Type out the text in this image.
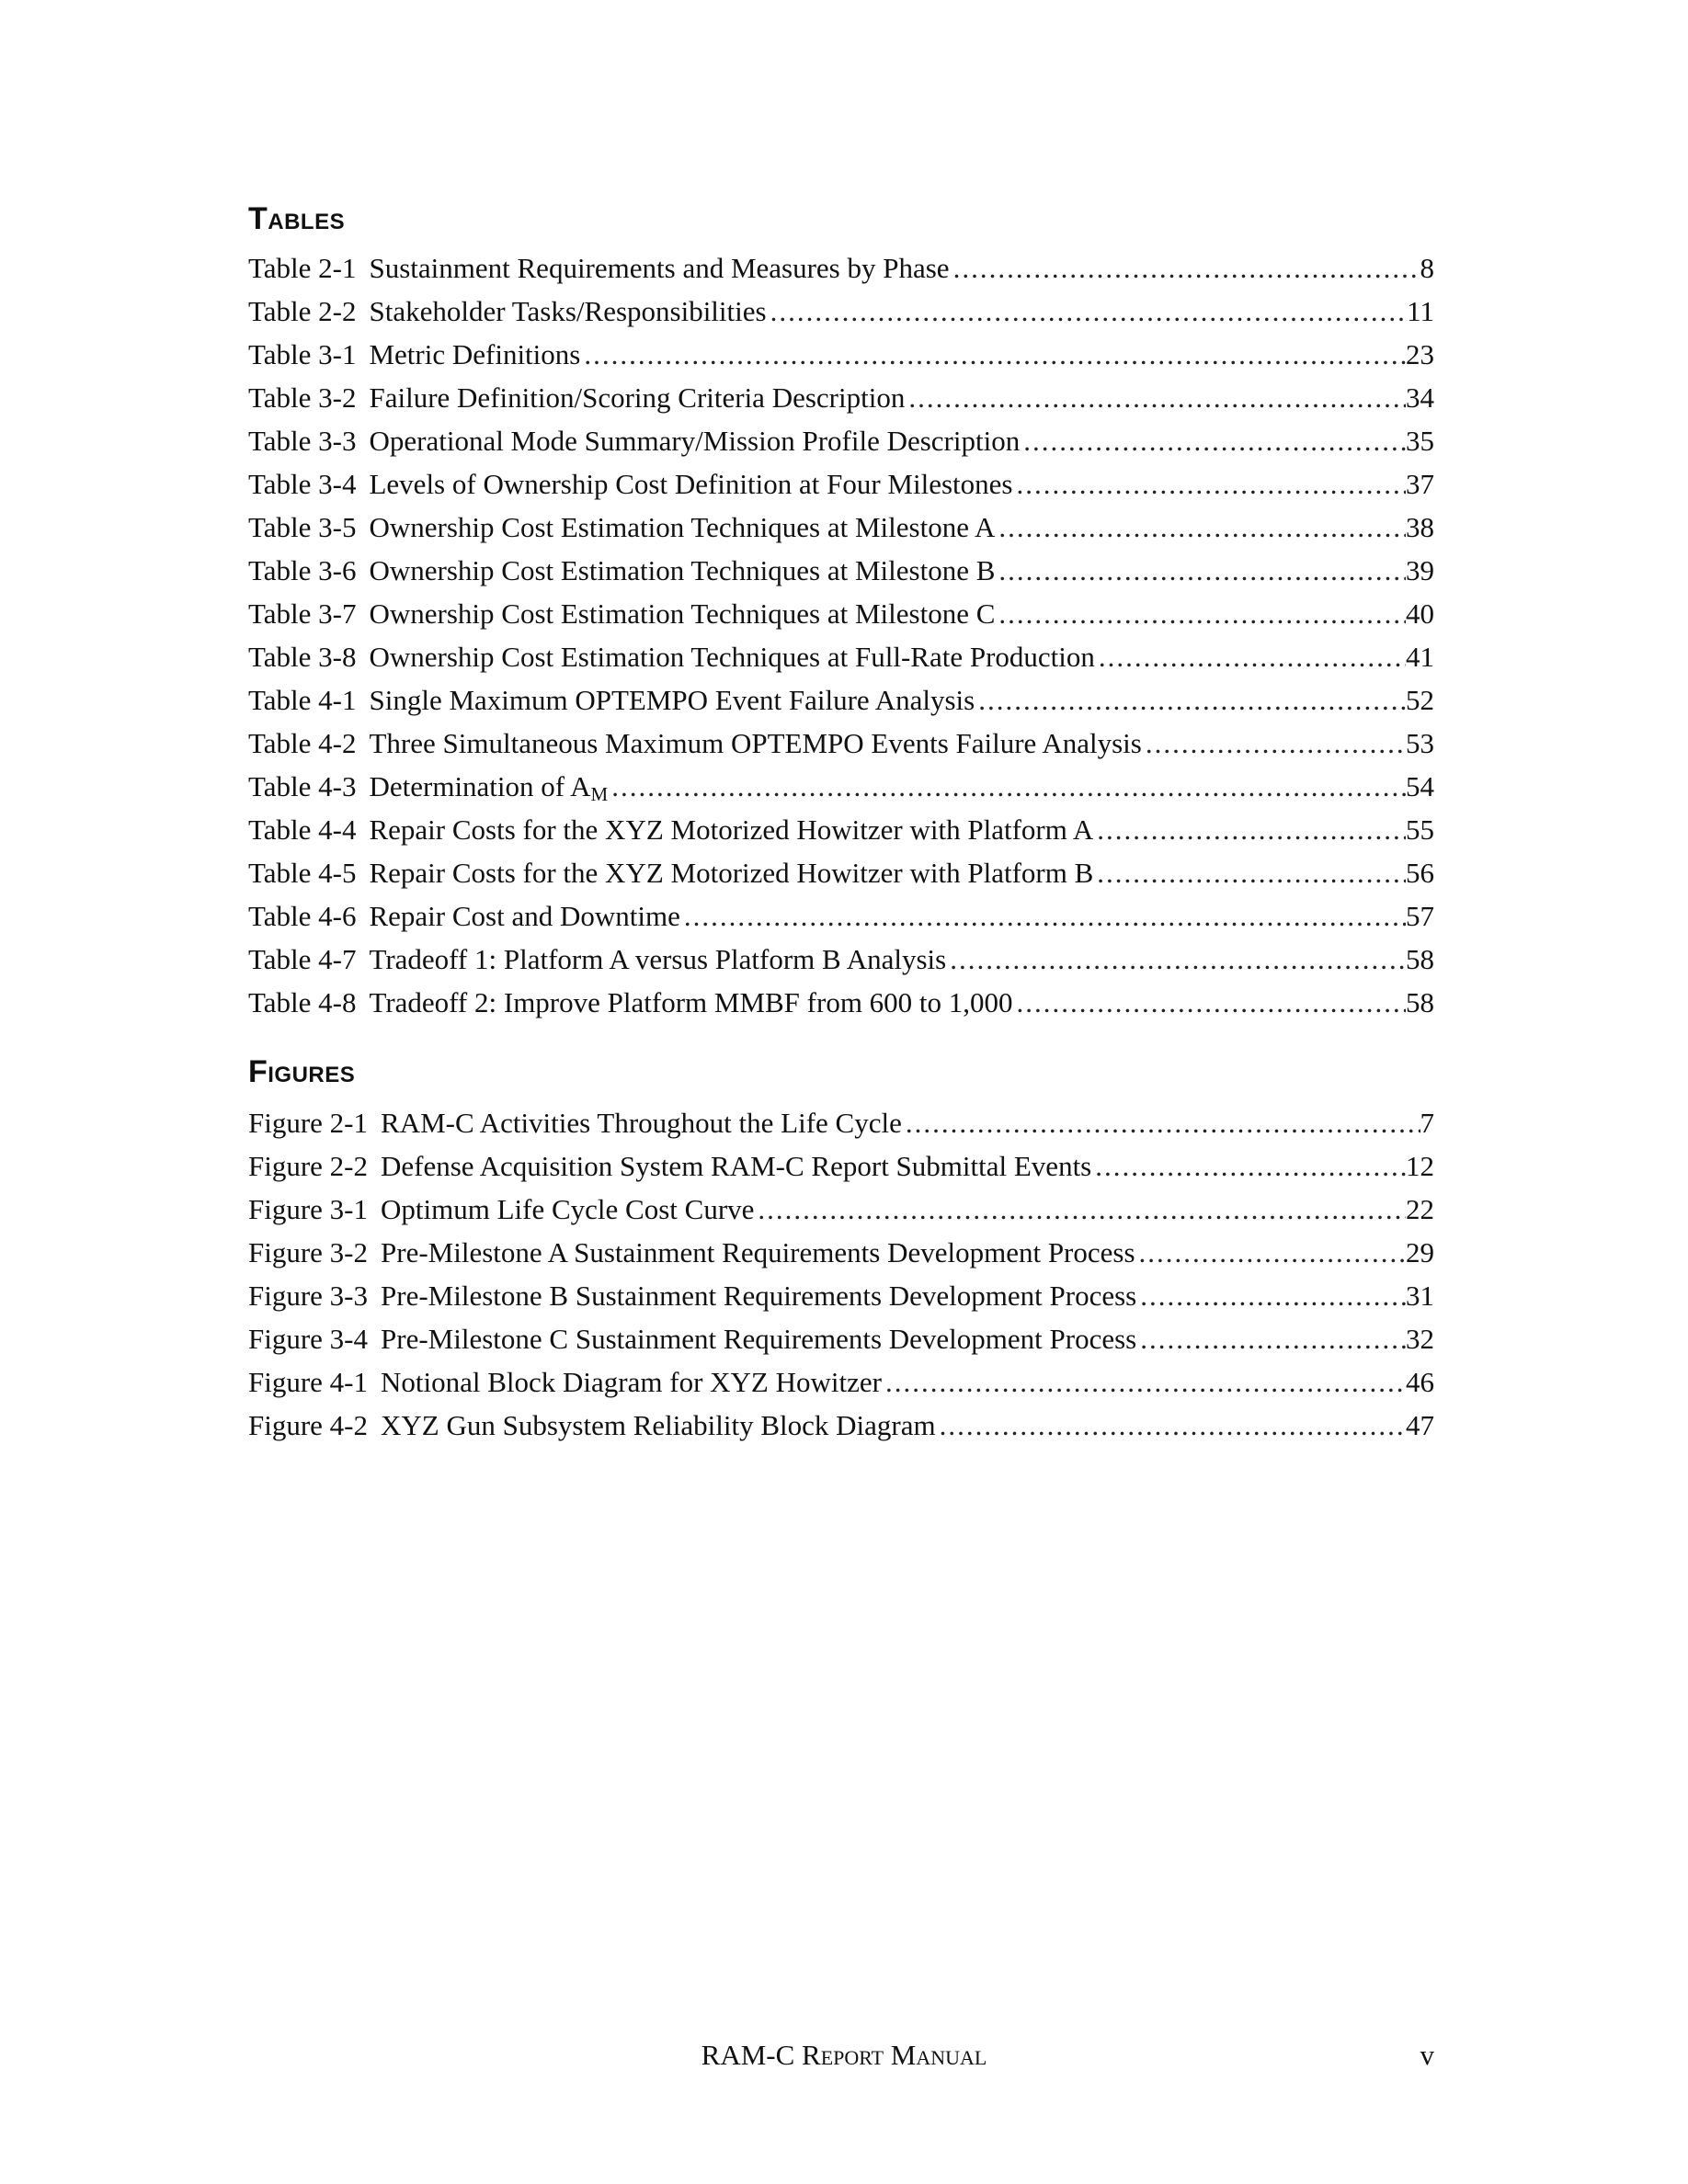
Tables
Table 2-1 Sustainment Requirements and Measures by Phase .....	8
Table 2-2 Stakeholder Tasks/Responsibilities .....	11
Table 3-1 Metric Definitions .....	23
Table 3-2 Failure Definition/Scoring Criteria Description .....	34
Table 3-3 Operational Mode Summary/Mission Profile Description .....	35
Table 3-4 Levels of Ownership Cost Definition at Four Milestones .....	37
Table 3-5 Ownership Cost Estimation Techniques at Milestone A .....	38
Table 3-6 Ownership Cost Estimation Techniques at Milestone B .....	39
Table 3-7 Ownership Cost Estimation Techniques at Milestone C .....	40
Table 3-8 Ownership Cost Estimation Techniques at Full-Rate Production .....	41
Table 4-1 Single Maximum OPTEMPO Event Failure Analysis .....	52
Table 4-2 Three Simultaneous Maximum OPTEMPO Events Failure Analysis .....	53
Table 4-3 Determination of $A_M$ .....	54
Table 4-4 Repair Costs for the XYZ Motorized Howitzer with Platform A .....	55
Table 4-5 Repair Costs for the XYZ Motorized Howitzer with Platform B .....	56
Table 4-6 Repair Cost and Downtime .....	57
Table 4-7 Tradeoff 1: Platform A versus Platform B Analysis .....	58
Table 4-8 Tradeoff 2: Improve Platform MMBF from 600 to 1,000 .....	58
Figures
Figure 2-1 RAM-C Activities Throughout the Life Cycle .....	7
Figure 2-2 Defense Acquisition System RAM-C Report Submittal Events .....	12
Figure 3-1 Optimum Life Cycle Cost Curve .....	22
Figure 3-2 Pre-Milestone A Sustainment Requirements Development Process .....	29
Figure 3-3 Pre-Milestone B Sustainment Requirements Development Process .....	31
Figure 3-4 Pre-Milestone C Sustainment Requirements Development Process .....	32
Figure 4-1 Notional Block Diagram for XYZ Howitzer .....	46
Figure 4-2 XYZ Gun Subsystem Reliability Block Diagram .....	47
RAM-C Report Manual	v
